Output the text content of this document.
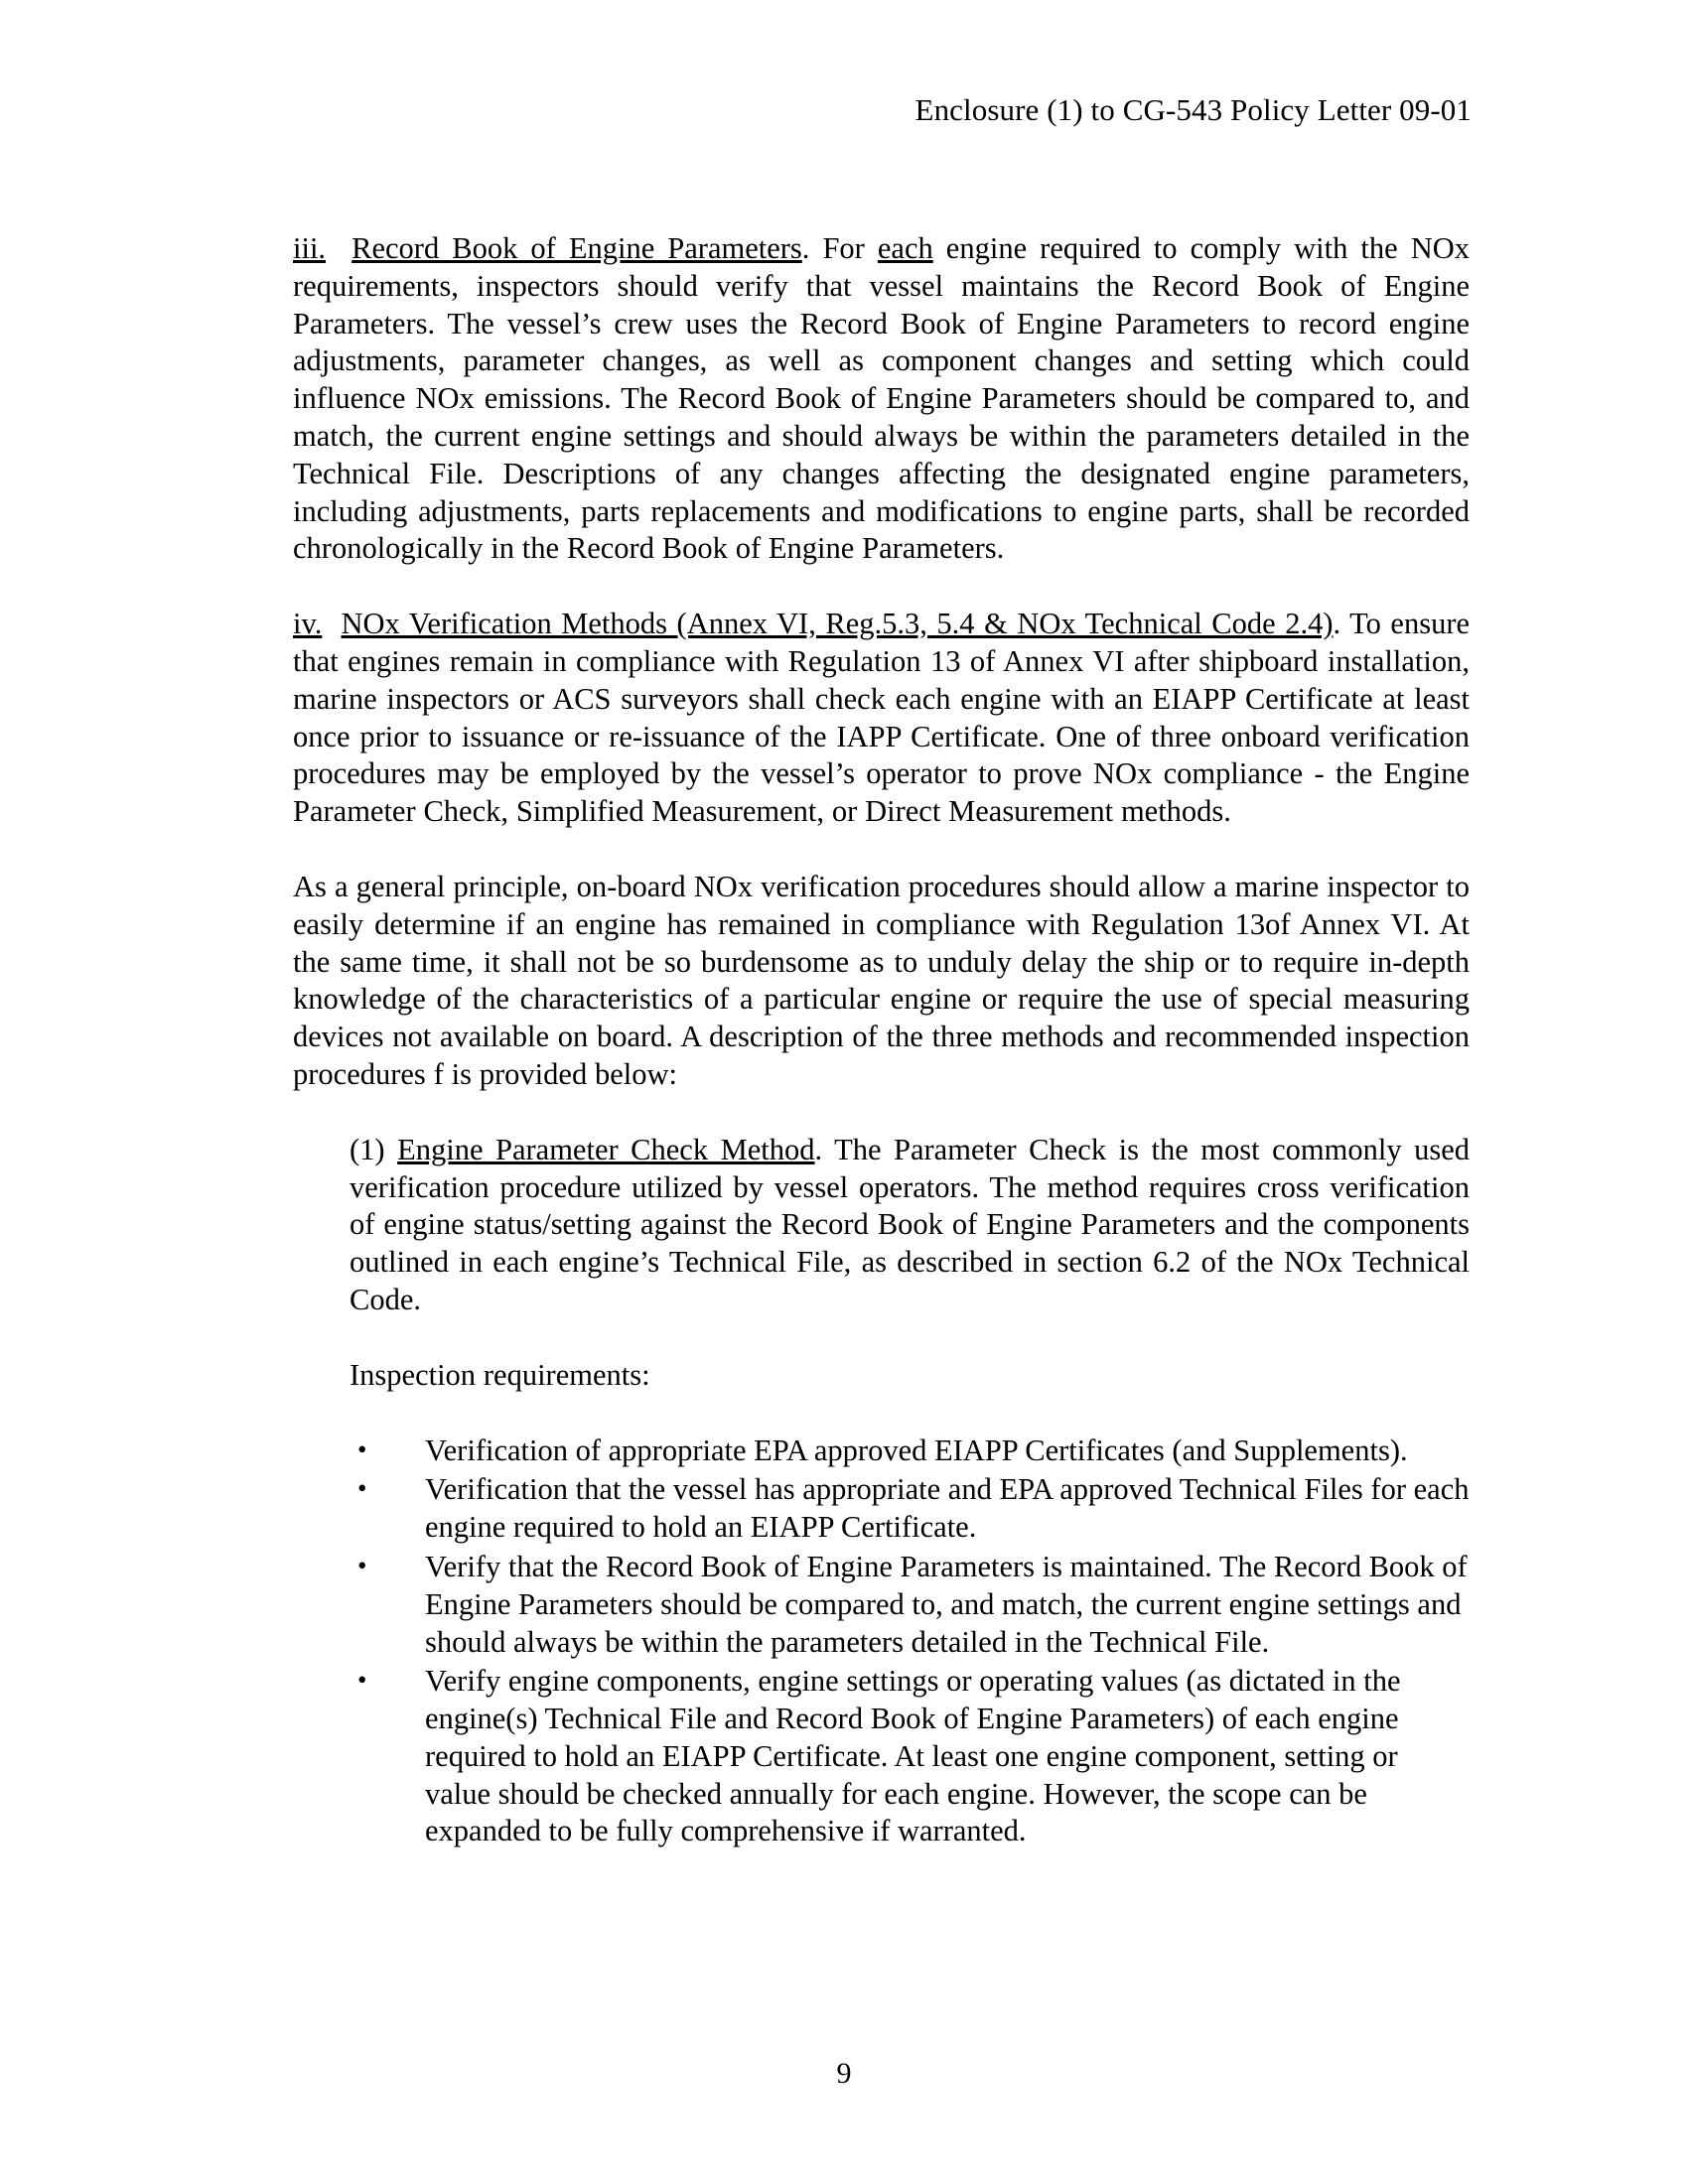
Enclosure (1) to CG-543 Policy Letter 09-01

iii. Record Book of Engine Parameters. For each engine required to comply with the NOx requirements, inspectors should verify that vessel maintains the Record Book of Engine Parameters. The vessel’s crew uses the Record Book of Engine Parameters to record engine adjustments, parameter changes, as well as component changes and setting which could influence NOx emissions. The Record Book of Engine Parameters should be compared to, and match, the current engine settings and should always be within the parameters detailed in the Technical File. Descriptions of any changes affecting the designated engine parameters, including adjustments, parts replacements and modifications to engine parts, shall be recorded chronologically in the Record Book of Engine Parameters.

iv. NOx Verification Methods (Annex VI, Reg.5.3, 5.4 & NOx Technical Code 2.4). To ensure that engines remain in compliance with Regulation 13 of Annex VI after shipboard installation, marine inspectors or ACS surveyors shall check each engine with an EIAPP Certificate at least once prior to issuance or re-issuance of the IAPP Certificate. One of three onboard verification procedures may be employed by the vessel’s operator to prove NOx compliance - the Engine Parameter Check, Simplified Measurement, or Direct Measurement methods.

As a general principle, on-board NOx verification procedures should allow a marine inspector to easily determine if an engine has remained in compliance with Regulation 13of Annex VI. At the same time, it shall not be so burdensome as to unduly delay the ship or to require in-depth knowledge of the characteristics of a particular engine or require the use of special measuring devices not available on board. A description of the three methods and recommended inspection procedures f is provided below:

(1) Engine Parameter Check Method. The Parameter Check is the most commonly used verification procedure utilized by vessel operators. The method requires cross verification of engine status/setting against the Record Book of Engine Parameters and the components outlined in each engine’s Technical File, as described in section 6.2 of the NOx Technical Code.

Inspection requirements:

• Verification of appropriate EPA approved EIAPP Certificates (and Supplements).
• Verification that the vessel has appropriate and EPA approved Technical Files for each engine required to hold an EIAPP Certificate.
• Verify that the Record Book of Engine Parameters is maintained. The Record Book of Engine Parameters should be compared to, and match, the current engine settings and should always be within the parameters detailed in the Technical File.
• Verify engine components, engine settings or operating values (as dictated in the engine(s) Technical File and Record Book of Engine Parameters) of each engine required to hold an EIAPP Certificate. At least one engine component, setting or value should be checked annually for each engine. However, the scope can be expanded to be fully comprehensive if warranted.
9
